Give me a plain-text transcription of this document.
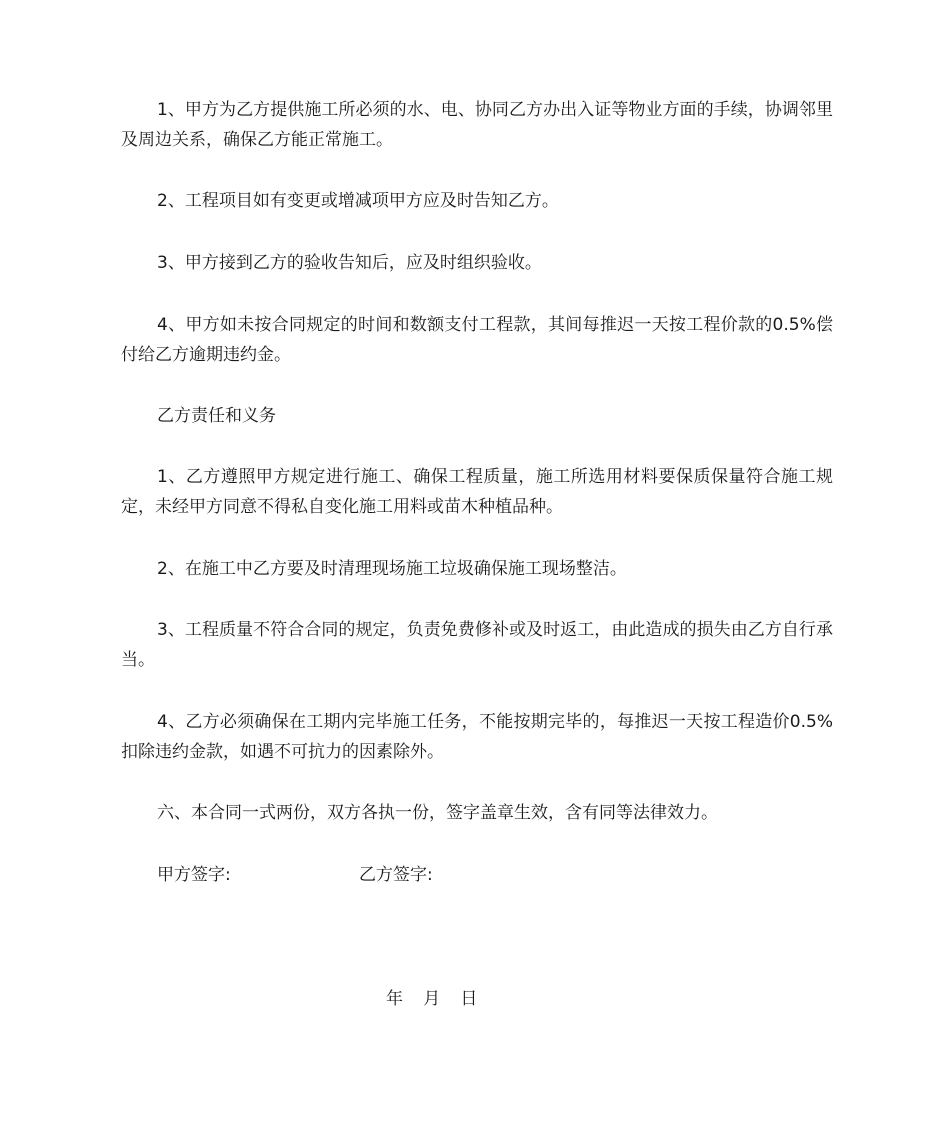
1、甲方为乙方提供施工所必须的水、电、协同乙方办出入证等物业方面的手续，协调邻里及周边关系，确保乙方能正常施工。

2、工程项目如有变更或增减项甲方应及时告知乙方。

3、甲方接到乙方的验收告知后，应及时组织验收。

4、甲方如未按合同规定的时间和数额支付工程款，其间每推迟一天按工程价款的0.5%偿付给乙方逾期违约金。

乙方责任和义务

1、乙方遵照甲方规定进行施工、确保工程质量，施工所选用材料要保质保量符合施工规定，未经甲方同意不得私自变化施工用料或苗木种植品种。

2、在施工中乙方要及时清理现场施工垃圾确保施工现场整洁。

3、工程质量不符合合同的规定，负责免费修补或及时返工，由此造成的损失由乙方自行承当。

4、乙方必须确保在工期内完毕施工任务，不能按期完毕的，每推迟一天按工程造价0.5%扣除违约金款，如遇不可抗力的因素除外。

六、本合同一式两份，双方各执一份，签字盖章生效，含有同等法律效力。

甲方签字:	乙方签字:
年   月   日
